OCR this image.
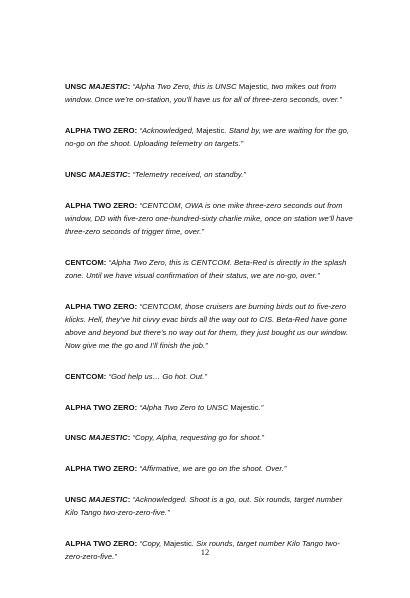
UNSC MAJESTIC: “Alpha Two Zero, this is UNSC Majestic, two mikes out from window. Once we’re on-station, you’ll have us for all of three-zero seconds, over.”

ALPHA TWO ZERO: “Acknowledged, Majestic. Stand by, we are waiting for the go, no-go on the shoot. Uploading telemetry on targets.”

UNSC MAJESTIC: “Telemetry received, on standby.”

ALPHA TWO ZERO: “CENTCOM, OWA is one mike three-zero seconds out from window, DD with five-zero one-hundred-sixty charlie mike, once on station we’ll have three-zero seconds of trigger time, over.”

CENTCOM: “Alpha Two Zero, this is CENTCOM. Beta-Red is directly in the splash zone. Until we have visual confirmation of their status, we are no-go, over.”

ALPHA TWO ZERO: “CENTCOM, those cruisers are burning birds out to five-zero klicks. Hell, they’ve hit civvy evac birds all the way out to CIS. Beta-Red have gone above and beyond but there’s no way out for them, they just bought us our window. Now give me the go and I’ll finish the job.”

CENTCOM: “God help us… Go hot. Out.”

ALPHA TWO ZERO: “Alpha Two Zero to UNSC Majestic.”

UNSC MAJESTIC: “Copy, Alpha, requesting go for shoot.”

ALPHA TWO ZERO: “Affirmative, we are go on the shoot. Over.”

UNSC MAJESTIC: “Acknowledged. Shoot is a go, out. Six rounds, target number Kilo Tango two-zero-zero-five.”

ALPHA TWO ZERO: “Copy, Majestic. Six rounds, target number Kilo Tango two-zero-zero-five.”	12
